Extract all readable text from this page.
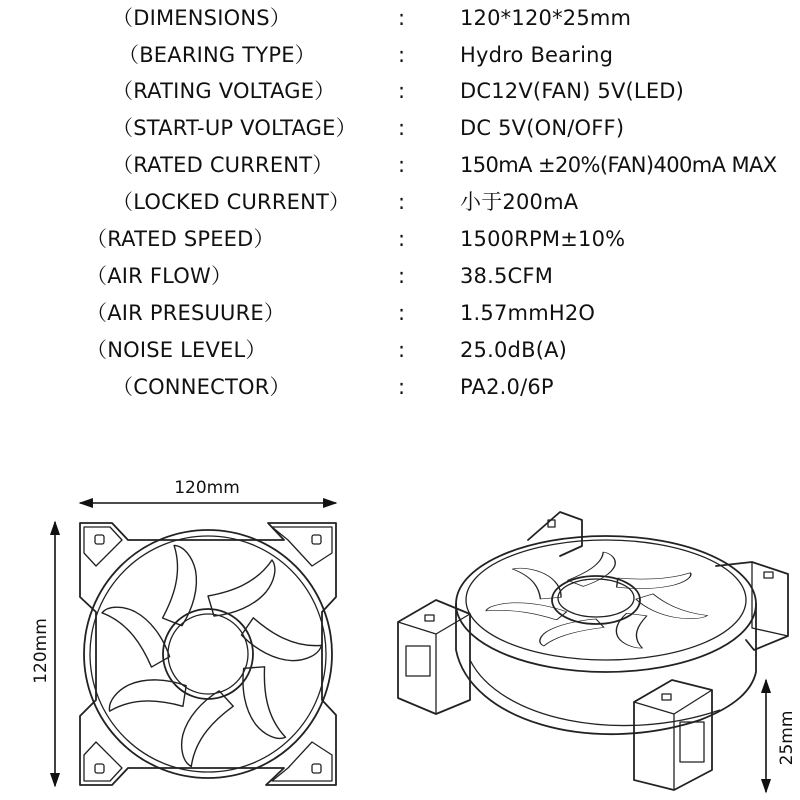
（DIMENSIONS）	:	120*120*25mm
（BEARING TYPE）	:	Hydro Bearing
（RATING VOLTAGE）	:	DC12V(FAN) 5V(LED)
（START-UP VOLTAGE） :	DC 5V(ON/OFF)
（RATED CURRENT）	:	150mA ±20%(FAN)400mA MAX
（LOCKED CURRENT） :	小于200mA
（RATED SPEED）	:	1500RPM±10%
（AIR FLOW）	:	38.5CFM
（AIR PRESUURE）	:	1.57mmH2O
（NOISE LEVEL）	:	25.0dB(A)
（CONNECTOR）	:	PA2.0/6P
120mm
120mm
25mm
